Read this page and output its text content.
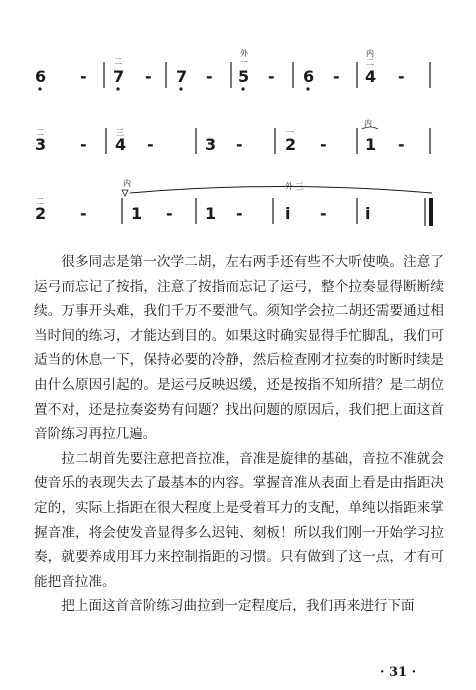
6 -
二
7 - 7 -
外
一
5 - 6 -
内
二
4 -
二
3 -
三
4 -	3 -
一
2 -
内
1 -
二
2 -
内
1 - 1 -
外 三
i - i

很多同志是第一次学二胡，左右两手还有些不大听使唤。注意了运弓而忘记了按指，注意了按指而忘记了运弓，整个拉奏显得断断续续。万事开头难，我们千万不要泄气。须知学会拉二胡还需要通过相当时间的练习，才能达到目的。如果这时确实显得手忙脚乱，我们可适当的休息一下，保持必要的冷静，然后检查刚才拉奏的时断时续是由什么原因引起的。是运弓反映迟缓，还是按指不知所措？是二胡位置不对，还是拉奏姿势有问题？找出问题的原因后，我们把上面这首音阶练习再拉几遍。

拉二胡首先要注意把音拉准，音准是旋律的基础，音拉不准就会使音乐的表现失去了最基本的内容。掌握音准从表面上看是由指距决定的，实际上指距在很大程度上是受着耳力的支配，单纯以指距来掌握音准，将会使发音显得多么迟钝、刻板！所以我们刚一开始学习拉奏，就要养成用耳力来控制指距的习惯。只有做到了这一点，才有可能把音拉准。

把上面这首音阶练习曲拉到一定程度后，我们再来进行下面

· 31 ·
